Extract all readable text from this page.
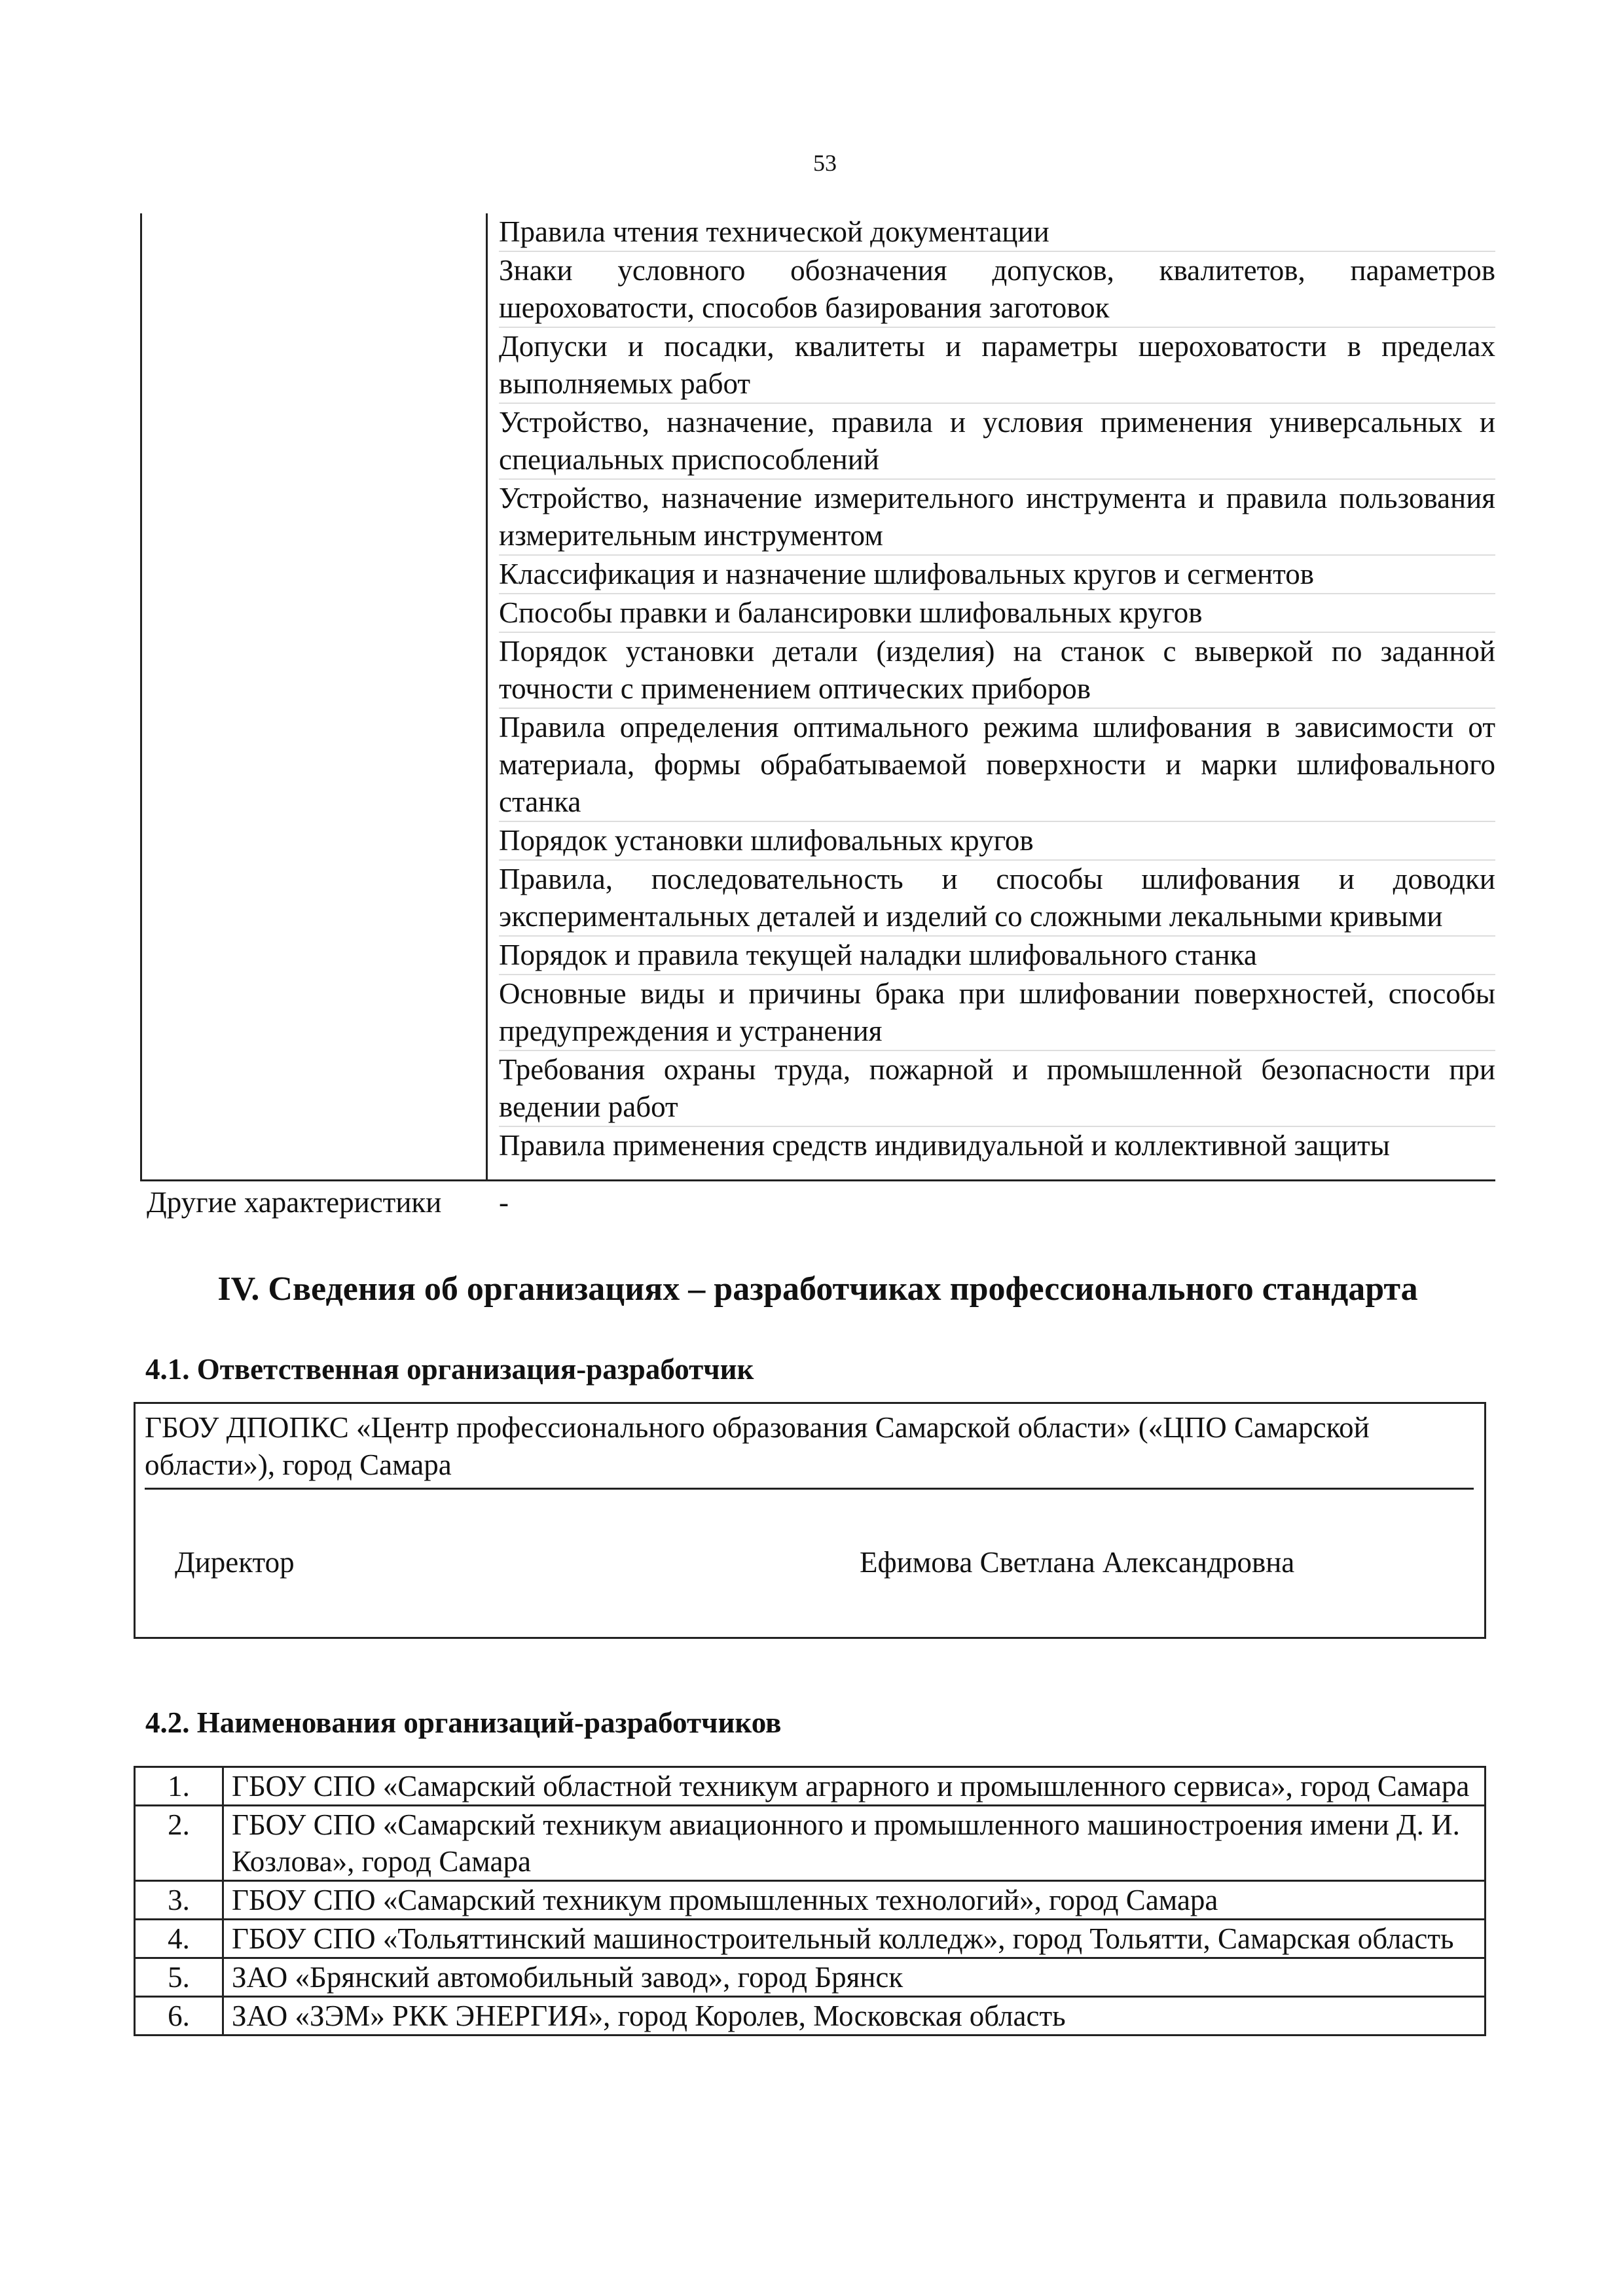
53
Правила чтения технической документации
Знаки условного обозначения допусков, квалитетов, параметров шероховатости, способов базирования заготовок
Допуски и посадки, квалитеты и параметры шероховатости в пределах выполняемых работ
Устройство, назначение, правила и условия применения универсальных и специальных приспособлений
Устройство, назначение измерительного инструмента и правила пользования измерительным инструментом
Классификация и назначение шлифовальных кругов и сегментов
Способы правки и балансировки шлифовальных кругов
Порядок установки детали (изделия) на станок с выверкой по заданной точности с применением оптических приборов
Правила определения оптимального режима шлифования в зависимости от материала, формы обрабатываемой поверхности и марки шлифовального станка
Порядок установки шлифовальных кругов
Правила, последовательность и способы шлифования и доводки экспериментальных деталей и изделий со сложными лекальными кривыми
Порядок и правила текущей наладки шлифовального станка
Основные виды и причины брака при шлифовании поверхностей, способы предупреждения и устранения
Требования охраны труда, пожарной и промышленной безопасности при ведении работ
Правила применения средств индивидуальной и коллективной защиты
Другие характеристики -
IV. Сведения об организациях – разработчиках профессионального стандарта
4.1. Ответственная организация-разработчик
ГБОУ ДПОПКС «Центр профессионального образования Самарской области» («ЦПО Самарской области»), город Самара
Директор	Ефимова Светлана Александровна
4.2. Наименования организаций-разработчиков
1.	ГБОУ СПО «Самарский областной техникум аграрного и промышленного сервиса», город Самара
2.	ГБОУ СПО «Самарский техникум авиационного и промышленного машиностроения имени Д. И. Козлова», город Самара
3.	ГБОУ СПО «Самарский техникум промышленных технологий», город Самара
4.	ГБОУ СПО «Тольяттинский машиностроительный колледж», город Тольятти, Самарская область
5.	ЗАО «Брянский автомобильный завод», город Брянск
6.	ЗАО «ЗЭМ» РКК ЭНЕРГИЯ», город Королев, Московская область
